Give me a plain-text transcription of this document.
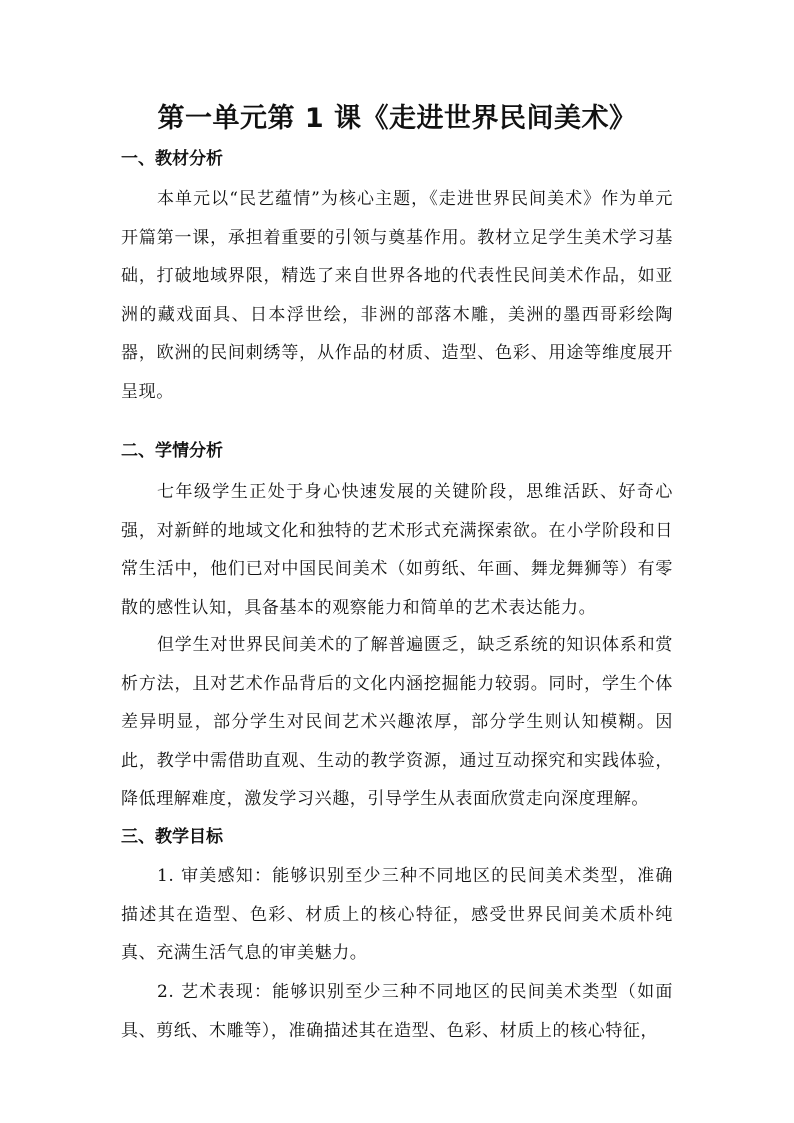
第一单元第 1 课《走进世界民间美术》
一、教材分析

本单元以“民艺蕴情”为核心主题，《走进世界民间美术》作为单元开篇第一课，承担着重要的引领与奠基作用。教材立足学生美术学习基础，打破地域界限，精选了来自世界各地的代表性民间美术作品，如亚洲的藏戏面具、日本浮世绘，非洲的部落木雕，美洲的墨西哥彩绘陶器，欧洲的民间刺绣等，从作品的材质、造型、色彩、用途等维度展开呈现。

二、学情分析

七年级学生正处于身心快速发展的关键阶段，思维活跃、好奇心强，对新鲜的地域文化和独特的艺术形式充满探索欲。在小学阶段和日常生活中，他们已对中国民间美术（如剪纸、年画、舞龙舞狮等）有零散的感性认知，具备基本的观察能力和简单的艺术表达能力。

但学生对世界民间美术的了解普遍匮乏，缺乏系统的知识体系和赏析方法，且对艺术作品背后的文化内涵挖掘能力较弱。同时，学生个体差异明显，部分学生对民间艺术兴趣浓厚，部分学生则认知模糊。因此，教学中需借助直观、生动的教学资源，通过互动探究和实践体验，降低理解难度，激发学习兴趣，引导学生从表面欣赏走向深度理解。

三、教学目标

1. 审美感知：能够识别至少三种不同地区的民间美术类型，准确描述其在造型、色彩、材质上的核心特征，感受世界民间美术质朴纯真、充满生活气息的审美魅力。

2. 艺术表现：能够识别至少三种不同地区的民间美术类型（如面具、剪纸、木雕等），准确描述其在造型、色彩、材质上的核心特征，
